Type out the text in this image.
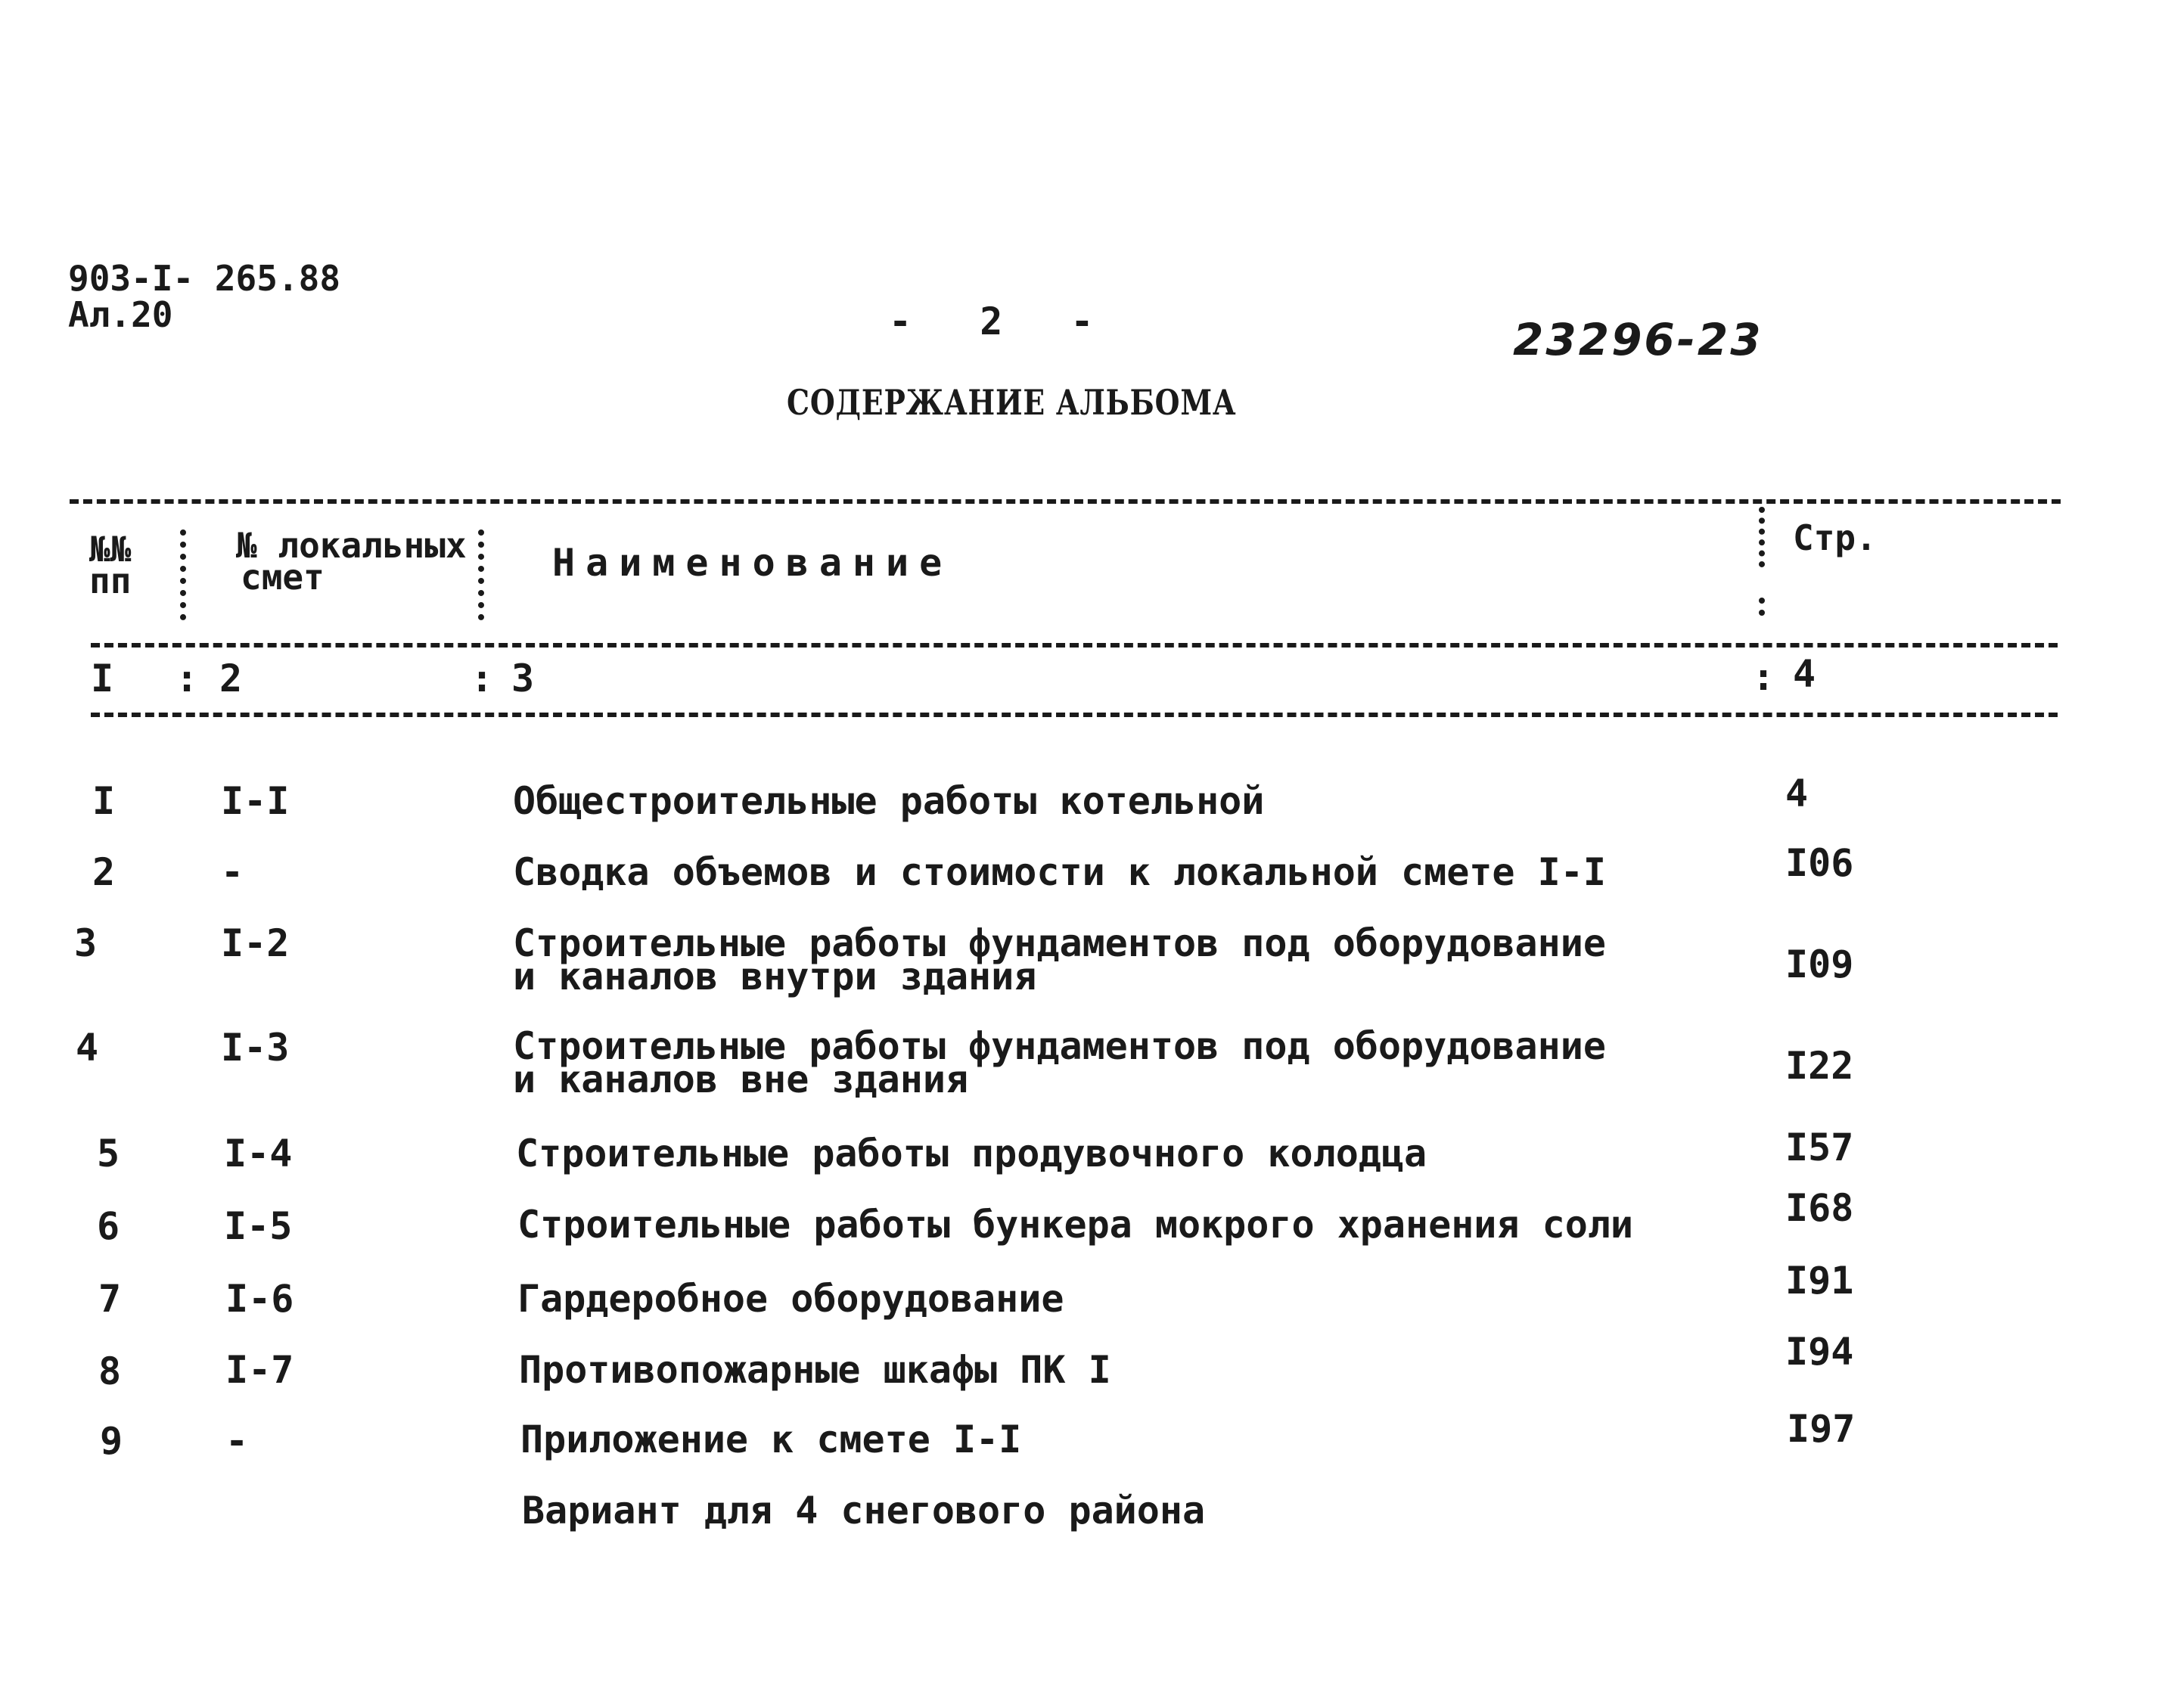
903-I- 265.88
Ал.20	- 2 -	23296-23
СОДЕРЖАНИЕ АЛЬБОМА
№№
пп
№ локальных
смет	Наименование
Стр.
I : 2	: 3	: 4
I	I-I	Общестроительные работы котельной	4
2	-	Сводка объемов и стоимости к локальной смете I-I	I06
3	I-2	Строительные работы фундаментов под оборудование
и каналов внутри здания	I09
4	I-3	Строительные работы фундаментов под оборудование
и каналов вне здания	I22
5	I-4	Строительные работы продувочного колодца	I57
6	I-5	Строительные работы бункера мокрого хранения соли	I68
7	I-6	Гардеробное оборудование	I91
8	I-7	Противопожарные шкафы ПК I	I94
9	-	Приложение к смете I-I	I97
Вариант для 4 снегового района
